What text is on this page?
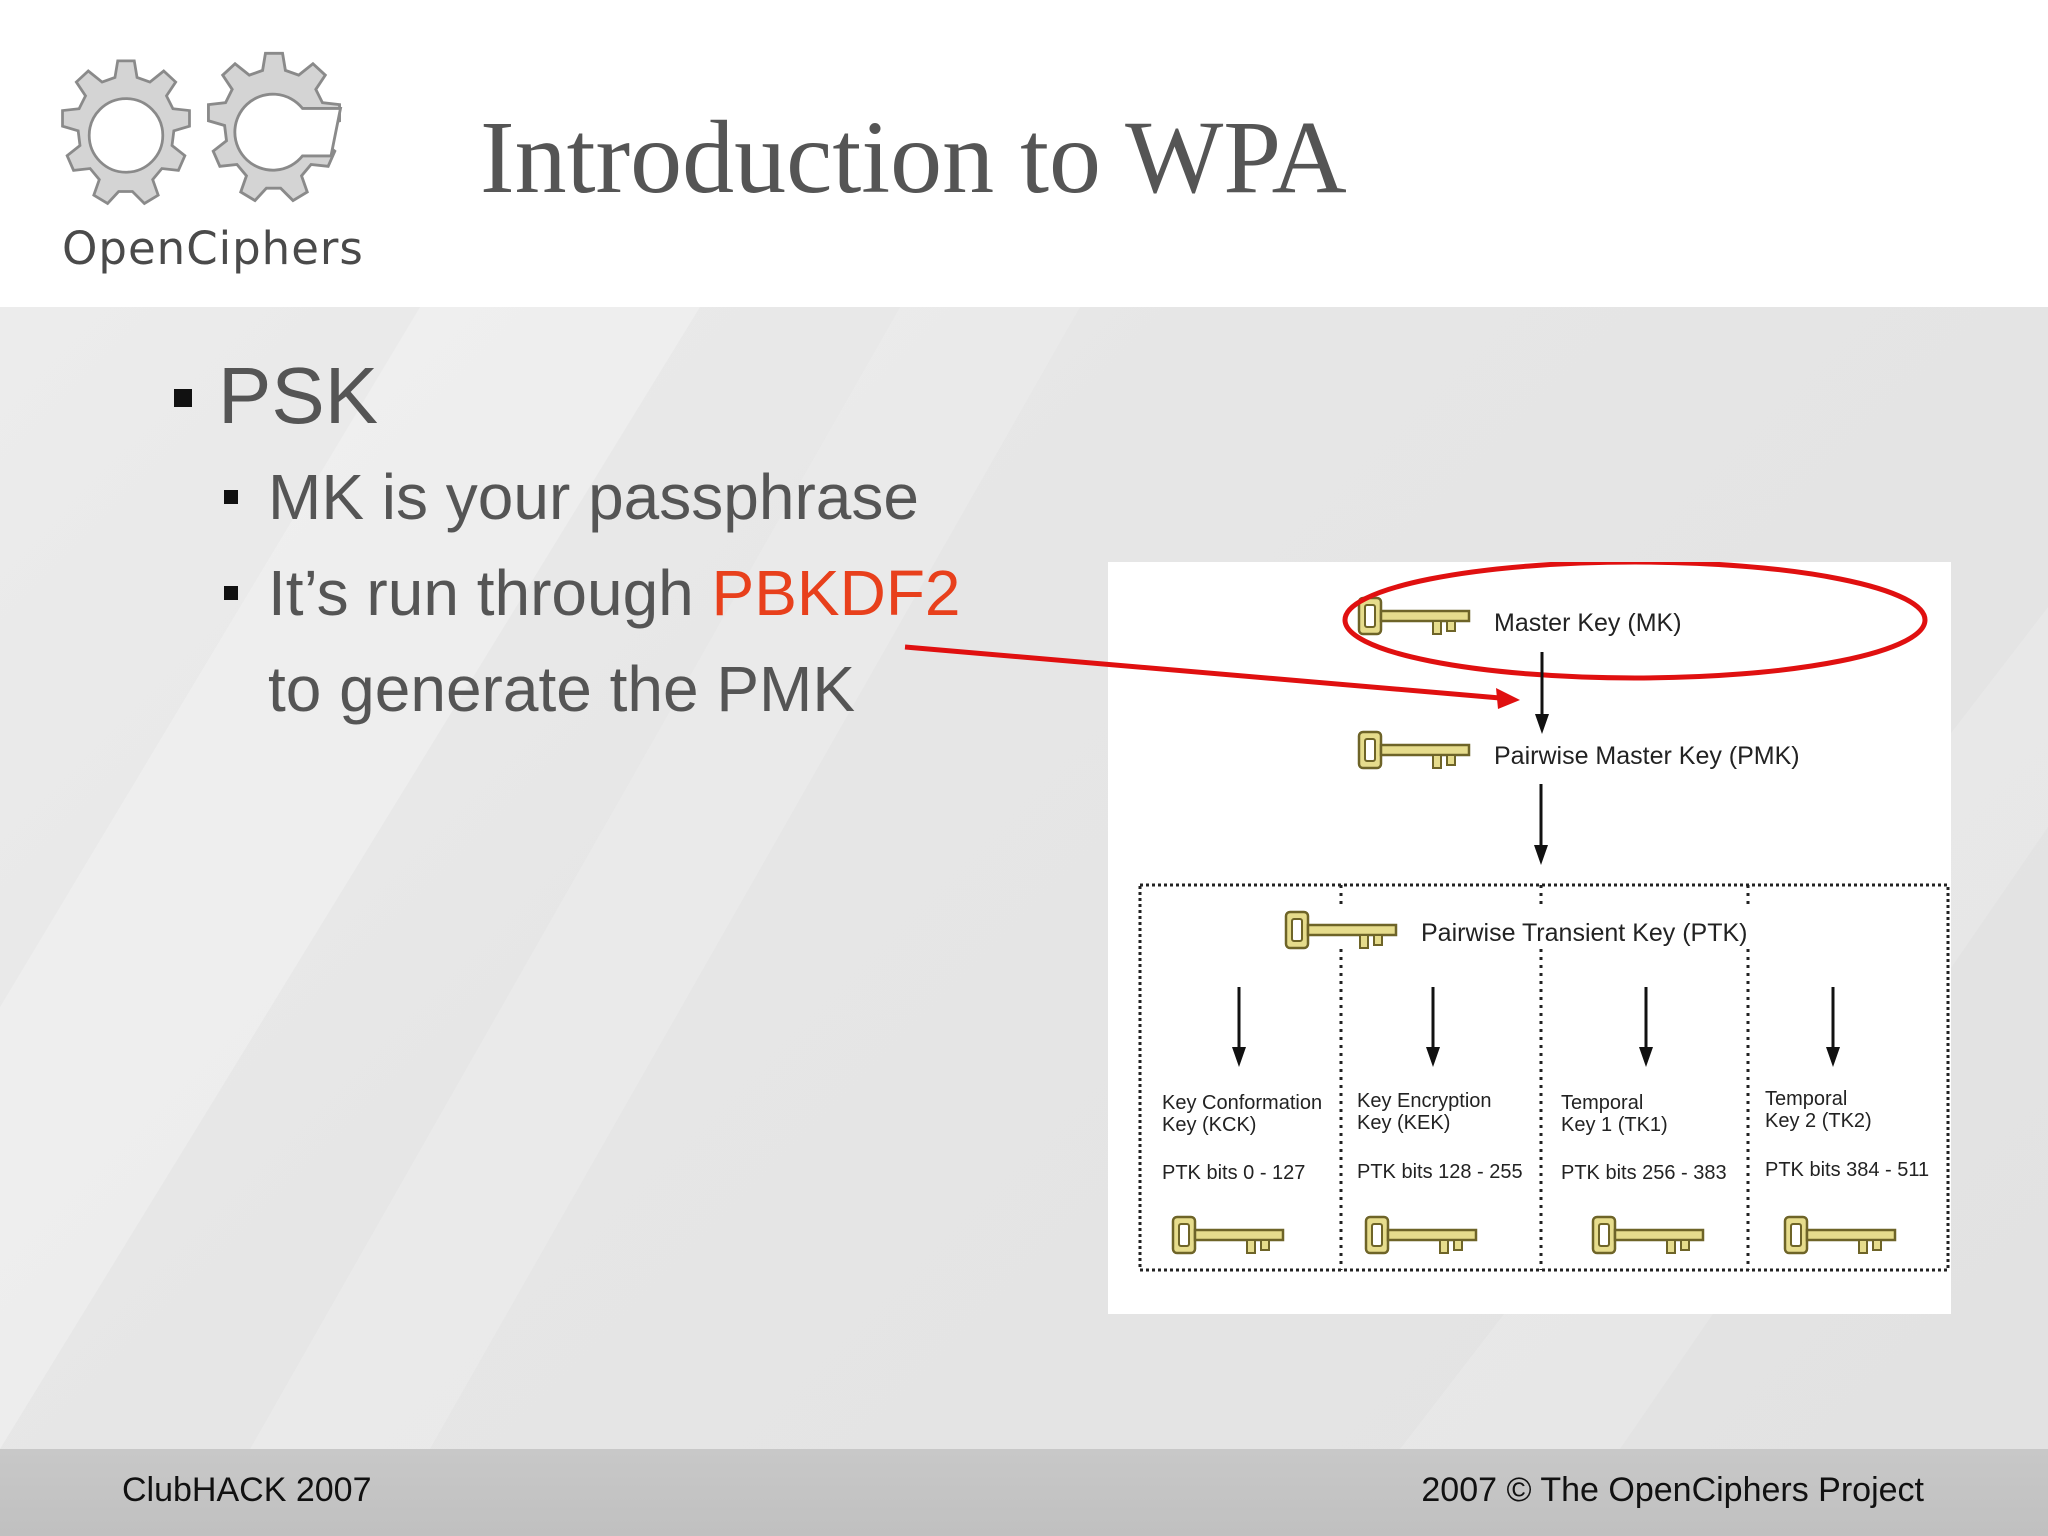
OpenCiphers
Introduction to WPA
PSK
MK is your passphrase
It’s run through PBKDF2
to generate the PMK
Master Key (MK)
Pairwise Master Key (PMK)
Pairwise Transient Key (PTK)
Key Conformation
Key (KCK)
PTK bits 0 - 127
Key Encryption
Key (KEK)
PTK bits 128 - 255
Temporal
Key 1 (TK1)
PTK bits 256 - 383
Temporal
Key 2 (TK2)
PTK bits 384 - 511
ClubHACK 2007	2007 © The OpenCiphers Project
